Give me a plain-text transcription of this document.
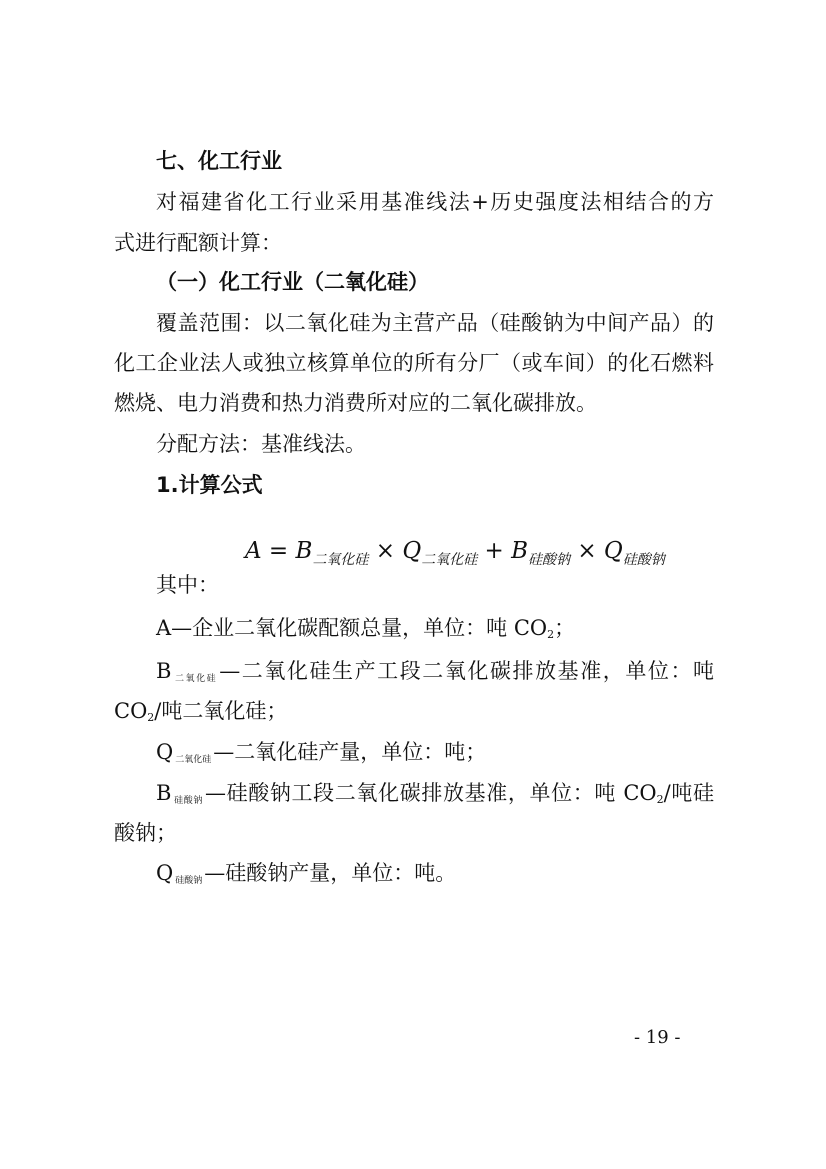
七、化工行业
对福建省化工行业采用基准线法+历史强度法相结合的方
式进行配额计算：
（一）化工行业（二氧化硅）
覆盖范围：以二氧化硅为主营产品（硅酸钠为中间产品）的
化工企业法人或独立核算单位的所有分厂（或车间）的化石燃料
燃烧、电力消费和热力消费所对应的二氧化碳排放。
分配方法：基准线法。
1.计算公式
$A = B_{二氧化硅} \times Q_{二氧化硅} + B_{硅酸钠} \times Q_{硅酸钠}$
其中：
A—企业二氧化碳配额总量，单位：吨 CO2；
B二氧化硅—二氧化硅生产工段二氧化碳排放基准，单位：吨
CO2/吨二氧化硅；
Q二氧化硅—二氧化硅产量，单位：吨；
B硅酸钠—硅酸钠工段二氧化碳排放基准，单位：吨 CO2/吨硅
酸钠；
Q硅酸钠—硅酸钠产量，单位：吨。
- 19 -
